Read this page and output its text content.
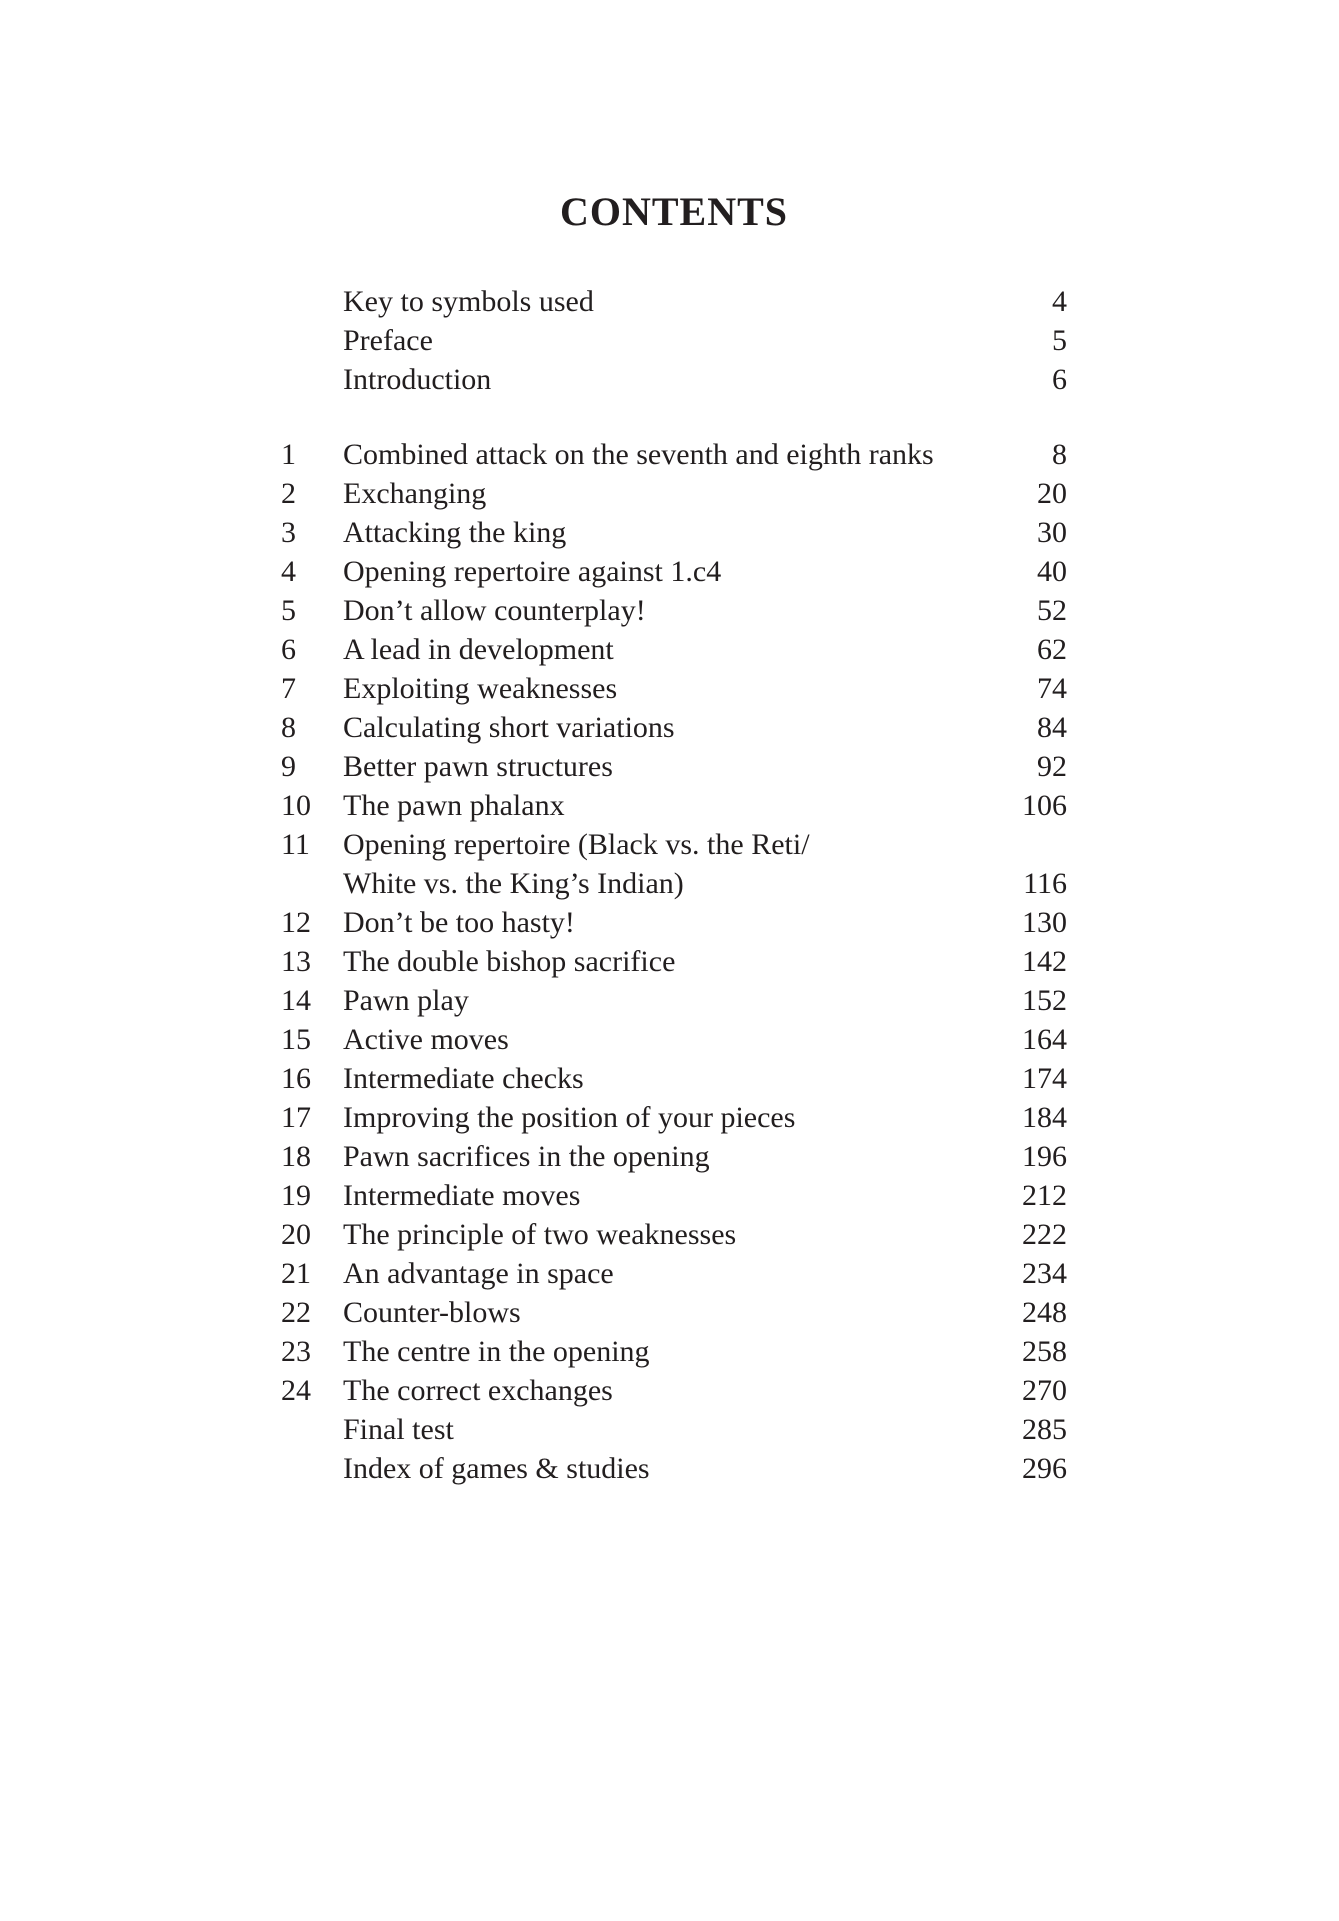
CONTENTS
Key to symbols used	4
Preface	5
Introduction	6
1	Combined attack on the seventh and eighth ranks	8
2	Exchanging	20
3	Attacking the king	30
4	Opening repertoire against 1.c4	40
5	Don’t allow counterplay!	52
6	A lead in development	62
7	Exploiting weaknesses	74
8	Calculating short variations	84
9	Better pawn structures	92
10	The pawn phalanx	106
11	Opening repertoire (Black vs. the Reti/
White vs. the King’s Indian)	116
12	Don’t be too hasty!	130
13	The double bishop sacrifice	142
14	Pawn play	152
15	Active moves	164
16	Intermediate checks	174
17	Improving the position of your pieces	184
18	Pawn sacrifices in the opening	196
19	Intermediate moves	212
20	The principle of two weaknesses	222
21	An advantage in space	234
22	Counter-blows	248
23	The centre in the opening	258
24	The correct exchanges	270
Final test	285
Index of games & studies	296
